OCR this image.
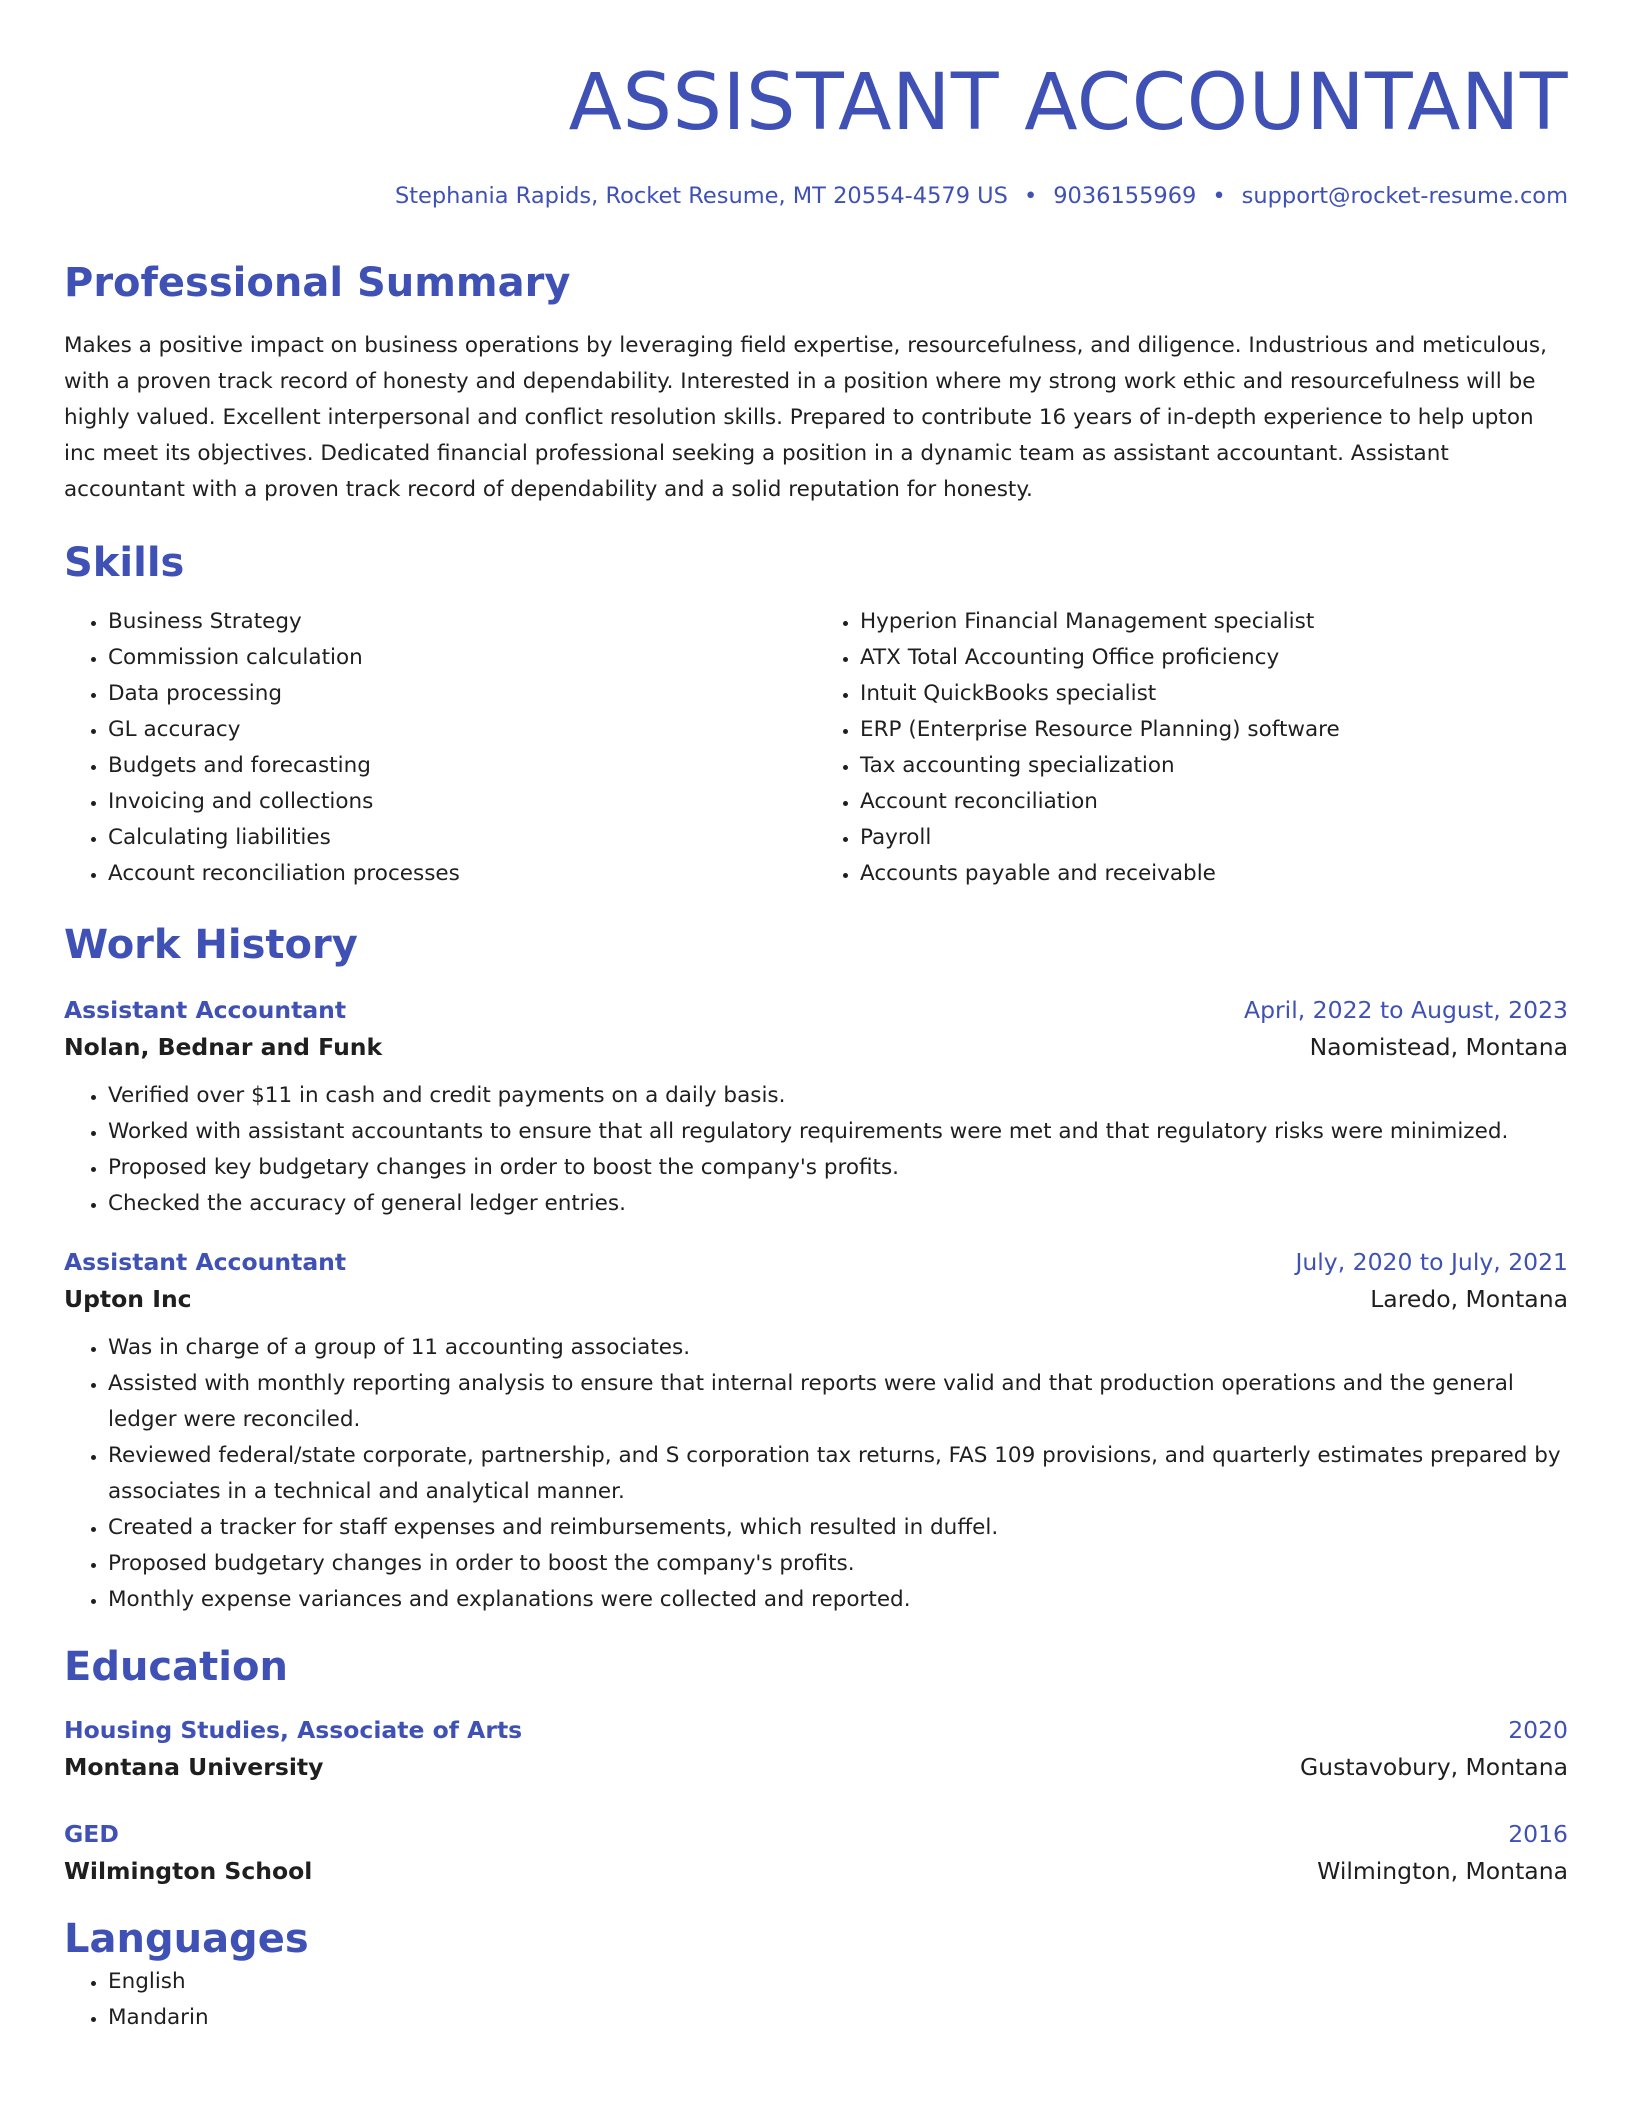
ASSISTANT ACCOUNTANT
Stephania Rapids, Rocket Resume, MT 20554-4579 US • 9036155969 • support@rocket-resume.com
Professional Summary
Makes a positive impact on business operations by leveraging field expertise, resourcefulness, and diligence. Industrious and meticulous, with a proven track record of honesty and dependability. Interested in a position where my strong work ethic and resourcefulness will be highly valued. Excellent interpersonal and conflict resolution skills. Prepared to contribute 16 years of in-depth experience to help upton inc meet its objectives. Dedicated financial professional seeking a position in a dynamic team as assistant accountant. Assistant accountant with a proven track record of dependability and a solid reputation for honesty.
Skills
• Business Strategy
• Commission calculation
• Data processing
• GL accuracy
• Budgets and forecasting
• Invoicing and collections
• Calculating liabilities
• Account reconciliation processes
• Hyperion Financial Management specialist
• ATX Total Accounting Office proficiency
• Intuit QuickBooks specialist
• ERP (Enterprise Resource Planning) software
• Tax accounting specialization
• Account reconciliation
• Payroll
• Accounts payable and receivable
Work History
Assistant Accountant	April, 2022 to August, 2023
Nolan, Bednar and Funk	Naomistead, Montana
• Verified over $11 in cash and credit payments on a daily basis.
• Worked with assistant accountants to ensure that all regulatory requirements were met and that regulatory risks were minimized.
• Proposed key budgetary changes in order to boost the company's profits.
• Checked the accuracy of general ledger entries.
Assistant Accountant	July, 2020 to July, 2021
Upton Inc	Laredo, Montana
• Was in charge of a group of 11 accounting associates.
• Assisted with monthly reporting analysis to ensure that internal reports were valid and that production operations and the general ledger were reconciled.
• Reviewed federal/state corporate, partnership, and S corporation tax returns, FAS 109 provisions, and quarterly estimates prepared by associates in a technical and analytical manner.
• Created a tracker for staff expenses and reimbursements, which resulted in duffel.
• Proposed budgetary changes in order to boost the company's profits.
• Monthly expense variances and explanations were collected and reported.
Education
Housing Studies, Associate of Arts	2020
Montana University	Gustavobury, Montana
GED	2016
Wilmington School	Wilmington, Montana
Languages
• English
• Mandarin
